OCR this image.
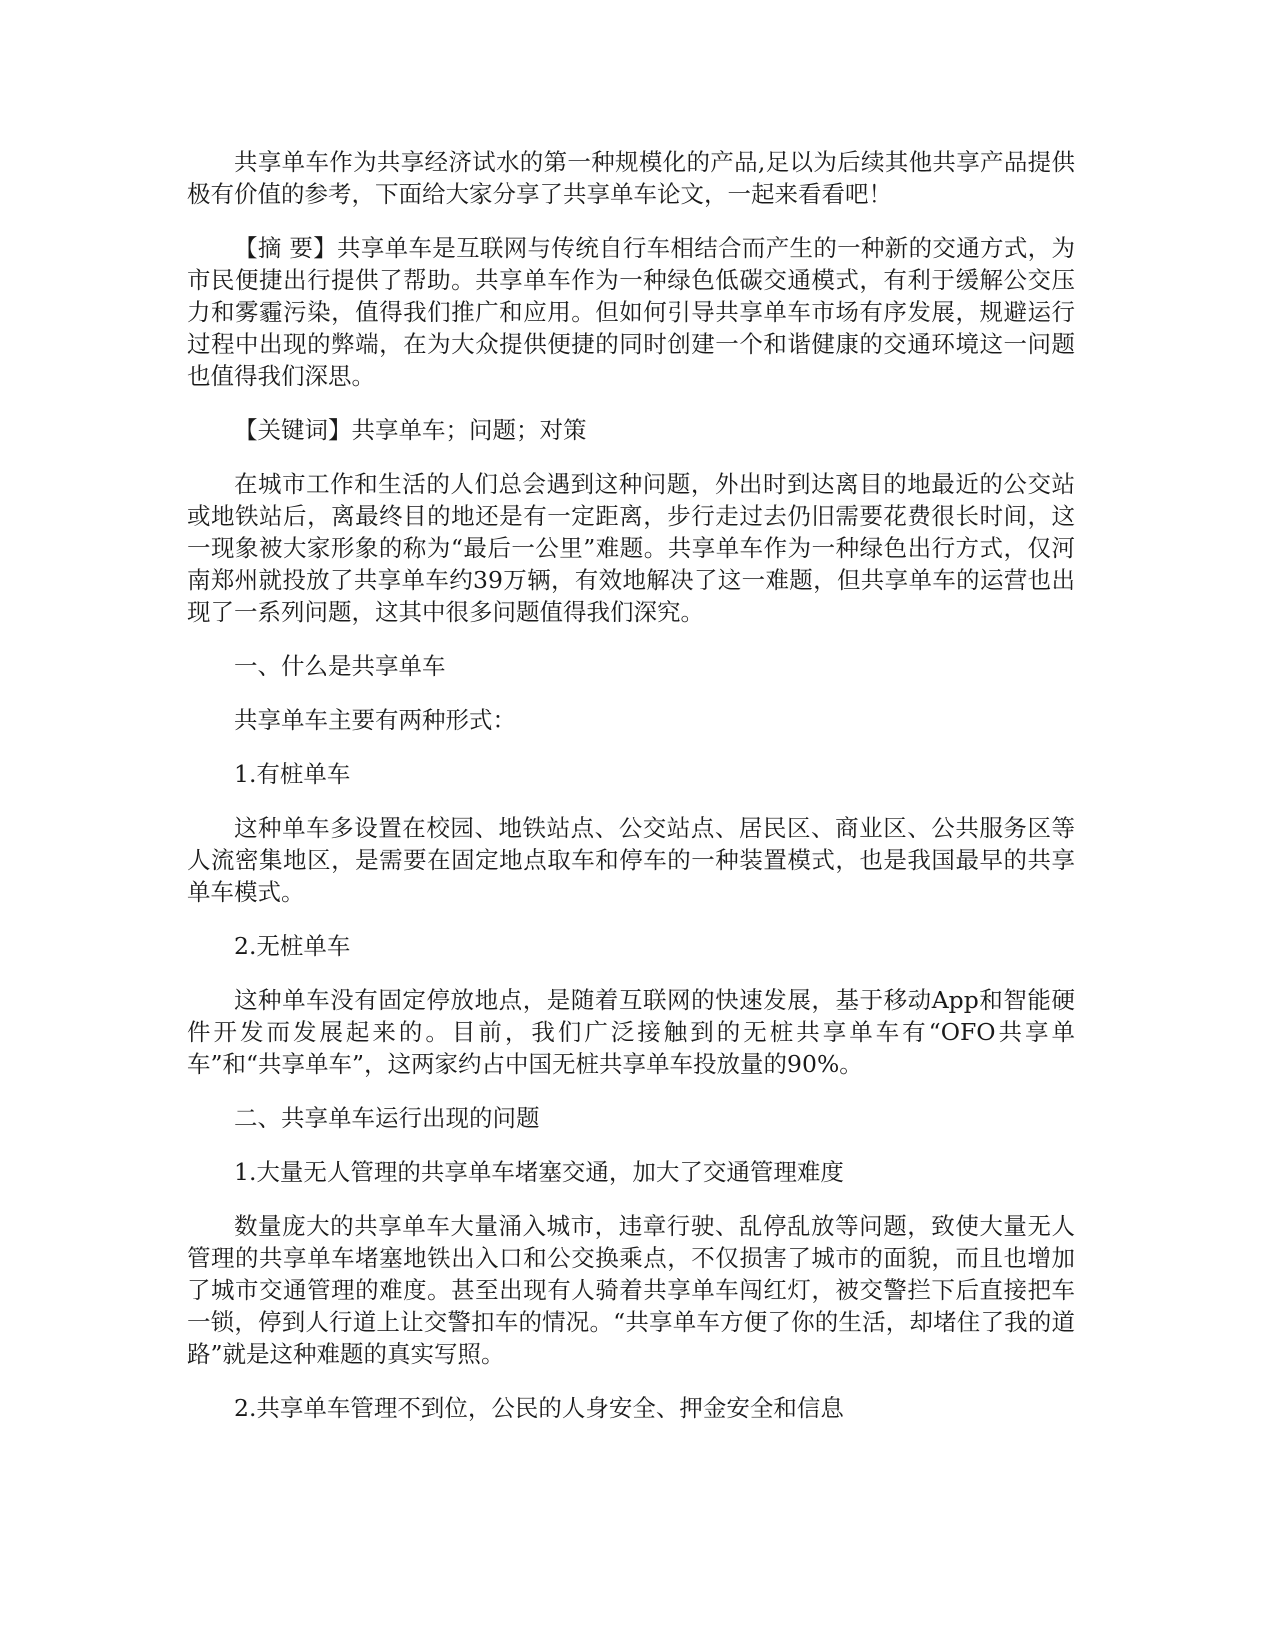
共享单车作为共享经济试水的第一种规模化的产品,足以为后续其他共享产品提供极有价值的参考，下面给大家分享了共享单车论文，一起来看看吧！

【摘 要】共享单车是互联网与传统自行车相结合而产生的一种新的交通方式，为市民便捷出行提供了帮助。共享单车作为一种绿色低碳交通模式，有利于缓解公交压力和雾霾污染，值得我们推广和应用。但如何引导共享单车市场有序发展，规避运行过程中出现的弊端，在为大众提供便捷的同时创建一个和谐健康的交通环境这一问题也值得我们深思。

【关键词】共享单车；问题；对策

在城市工作和生活的人们总会遇到这种问题，外出时到达离目的地最近的公交站或地铁站后，离最终目的地还是有一定距离，步行走过去仍旧需要花费很长时间，这一现象被大家形象的称为“最后一公里”难题。共享单车作为一种绿色出行方式，仅河南郑州就投放了共享单车约39万辆，有效地解决了这一难题，但共享单车的运营也出现了一系列问题，这其中很多问题值得我们深究。

一、什么是共享单车

共享单车主要有两种形式：

1.有桩单车

这种单车多设置在校园、地铁站点、公交站点、居民区、商业区、公共服务区等人流密集地区，是需要在固定地点取车和停车的一种装置模式，也是我国最早的共享单车模式。

2.无桩单车

这种单车没有固定停放地点，是随着互联网的快速发展，基于移动App和智能硬件开发而发展起来的。目前，我们广泛接触到的无桩共享单车有“OFO共享单车”和“共享单车”，这两家约占中国无桩共享单车投放量的90%。

二、共享单车运行出现的问题

1.大量无人管理的共享单车堵塞交通，加大了交通管理难度

数量庞大的共享单车大量涌入城市，违章行驶、乱停乱放等问题，致使大量无人管理的共享单车堵塞地铁出入口和公交换乘点，不仅损害了城市的面貌，而且也增加了城市交通管理的难度。甚至出现有人骑着共享单车闯红灯，被交警拦下后直接把车一锁，停到人行道上让交警扣车的情况。“共享单车方便了你的生活，却堵住了我的道路”就是这种难题的真实写照。

2.共享单车管理不到位，公民的人身安全、押金安全和信息
